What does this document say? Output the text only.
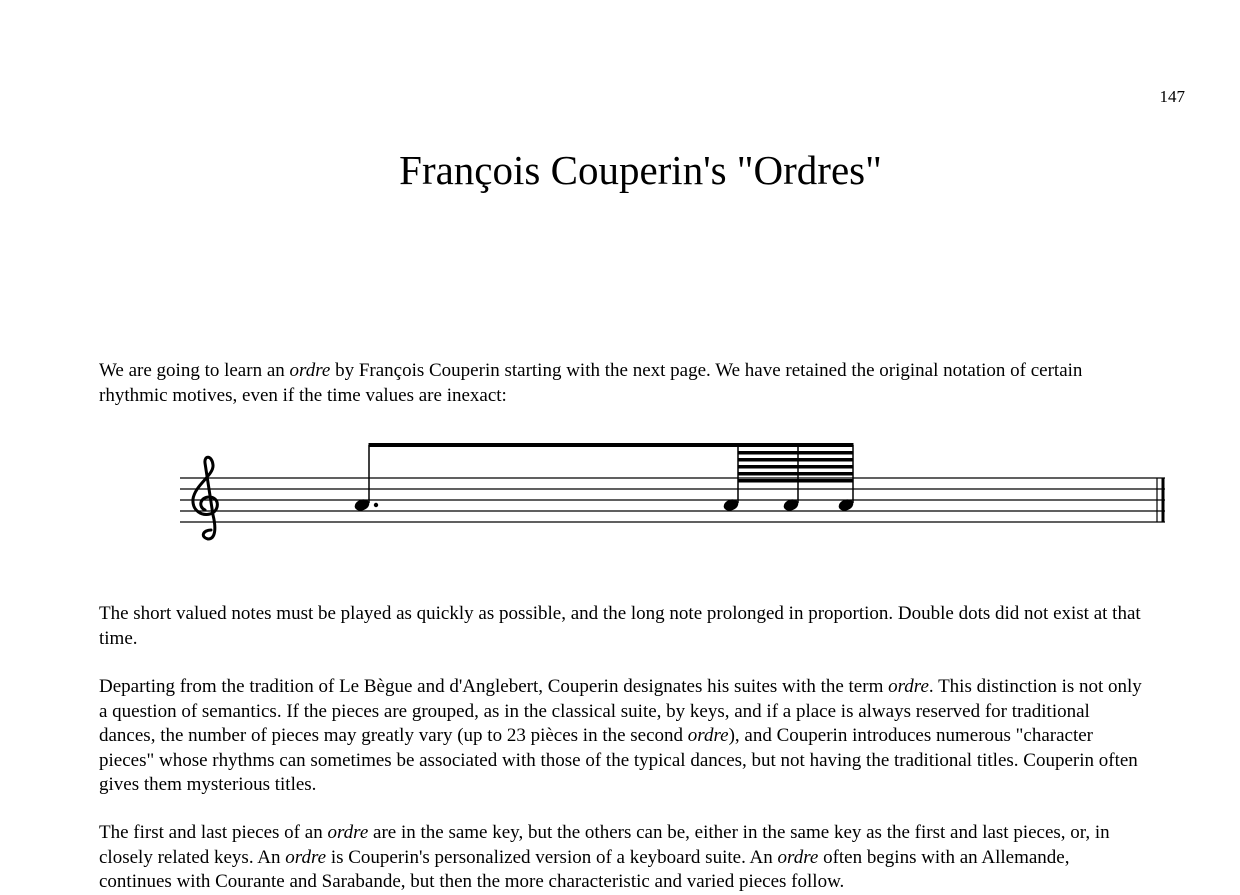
147
François Couperin's "Ordres"

We are going to learn an ordre by François Couperin starting with the next page. We have retained the original notation of certain rhythmic motives, even if the time values are inexact:

The short valued notes must be played as quickly as possible, and the long note prolonged in proportion. Double dots did not exist at that time.

Departing from the tradition of Le Bègue and d'Anglebert, Couperin designates his suites with the term ordre. This distinction is not only a question of semantics. If the pieces are grouped, as in the classical suite, by keys, and if a place is always reserved for traditional dances, the number of pieces may greatly vary (up to 23 pièces in the second ordre), and Couperin introduces numerous "character pieces" whose rhythms can sometimes be associated with those of the typical dances, but not having the traditional titles. Couperin often gives them mysterious titles.

The first and last pieces of an ordre are in the same key, but the others can be, either in the same key as the first and last pieces, or, in closely related keys. An ordre is Couperin's personalized version of a keyboard suite. An ordre often begins with an Allemande, continues with Courante and Sarabande, but then the more characteristic and varied pieces follow.
